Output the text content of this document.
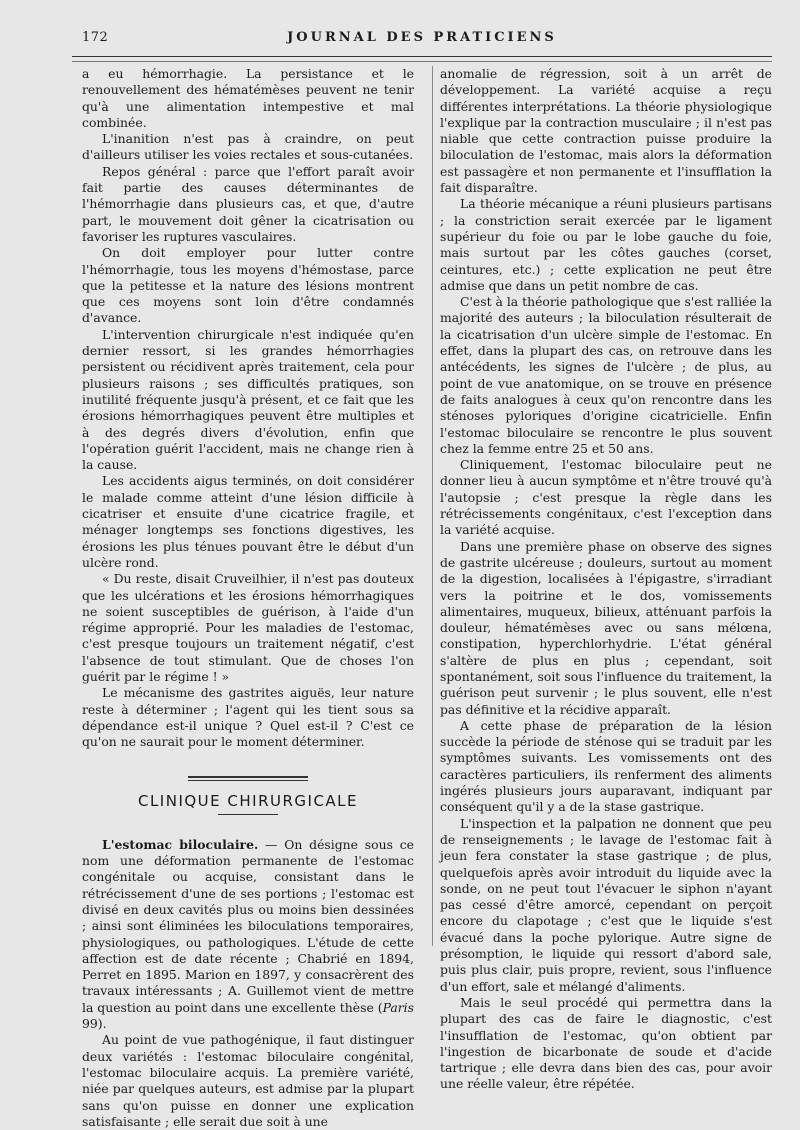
172	JOURNAL DES PRATICIENS

a eu hémorrhagie. La persistance et le renouvellement des hématémèses peuvent ne tenir qu'à une alimentation intempestive et mal combinée.

L'inanition n'est pas à craindre, on peut d'ailleurs utiliser les voies rectales et sous-cutanées.

Repos général : parce que l'effort paraît avoir fait partie des causes déterminantes de l'hémorrhagie dans plusieurs cas, et que, d'autre part, le mouvement doit gêner la cicatrisation ou favoriser les ruptures vasculaires.

On doit employer pour lutter contre l'hémorrhagie, tous les moyens d'hémostase, parce que la petitesse et la nature des lésions montrent que ces moyens sont loin d'être condamnés d'avance.

L'intervention chirurgicale n'est indiquée qu'en dernier ressort, si les grandes hémorrhagies persistent ou récidivent après traitement, cela pour plusieurs raisons ; ses difficultés pratiques, son inutilité fréquente jusqu'à présent, et ce fait que les érosions hémorrhagiques peuvent être multiples et à des degrés divers d'évolution, enfin que l'opération guérit l'accident, mais ne change rien à la cause.

Les accidents aigus terminés, on doit considérer le malade comme atteint d'une lésion difficile à cicatriser et ensuite d'une cicatrice fragile, et ménager longtemps ses fonctions digestives, les érosions les plus ténues pouvant être le début d'un ulcère rond.

« Du reste, disait Cruveilhier, il n'est pas douteux que les ulcérations et les érosions hémorrhagiques ne soient susceptibles de guérison, à l'aide d'un régime approprié. Pour les maladies de l'estomac, c'est presque toujours un traitement négatif, c'est l'absence de tout stimulant. Que de choses l'on guérit par le régime ! »

Le mécanisme des gastrites aiguës, leur nature reste à déterminer ; l'agent qui les tient sous sa dépendance est-il unique ? Quel est-il ? C'est ce qu'on ne saurait pour le moment déterminer.

CLINIQUE CHIRURGICALE

L'estomac biloculaire. — On désigne sous ce nom une déformation permanente de l'estomac congénitale ou acquise, consistant dans le rétrécissement d'une de ses portions ; l'estomac est divisé en deux cavités plus ou moins bien dessinées ; ainsi sont éliminées les biloculations temporaires, physiologiques, ou pathologiques. L'étude de cette affection est de date récente ; Chabrié en 1894, Perret en 1895. Marion en 1897, y consacrèrent des travaux intéressants ; A. Guillemot vient de mettre la question au point dans une excellente thèse (Paris 99).

Au point de vue pathogénique, il faut distinguer deux variétés : l'estomac biloculaire congénital, l'estomac biloculaire acquis. La première variété, niée par quelques auteurs, est admise par la plupart sans qu'on puisse en donner une explication satisfaisante ; elle serait due soit à une

anomalie de régression, soit à un arrêt de développement. La variété acquise a reçu différentes interprétations. La théorie physiologique l'explique par la contraction musculaire ; il n'est pas niable que cette contraction puisse produire la biloculation de l'estomac, mais alors la déformation est passagère et non permanente et l'insufflation la fait disparaître.

La théorie mécanique a réuni plusieurs partisans ; la constriction serait exercée par le ligament supérieur du foie ou par le lobe gauche du foie, mais surtout par les côtes gauches (corset, ceintures, etc.) ; cette explication ne peut être admise que dans un petit nombre de cas.

C'est à la théorie pathologique que s'est ralliée la majorité des auteurs ; la biloculation résulterait de la cicatrisation d'un ulcère simple de l'estomac. En effet, dans la plupart des cas, on retrouve dans les antécédents, les signes de l'ulcère ; de plus, au point de vue anatomique, on se trouve en présence de faits analogues à ceux qu'on rencontre dans les sténoses pyloriques d'origine cicatricielle. Enfin l'estomac biloculaire se rencontre le plus souvent chez la femme entre 25 et 50 ans.

Cliniquement, l'estomac biloculaire peut ne donner lieu à aucun symptôme et n'être trouvé qu'à l'autopsie ; c'est presque la règle dans les rétrécissements congénitaux, c'est l'exception dans la variété acquise.

Dans une première phase on observe des signes de gastrite ulcéreuse ; douleurs, surtout au moment de la digestion, localisées à l'épigastre, s'irradiant vers la poitrine et le dos, vomissements alimentaires, muqueux, bilieux, atténuant parfois la douleur, hématémèses avec ou sans mélœna, constipation, hyperchlorhydrie. L'état général s'altère de plus en plus ; cependant, soit spontanément, soit sous l'influence du traitement, la guérison peut survenir ; le plus souvent, elle n'est pas définitive et la récidive apparaît.

A cette phase de préparation de la lésion succède la période de sténose qui se traduit par les symptômes suivants. Les vomissements ont des caractères particuliers, ils renferment des aliments ingérés plusieurs jours auparavant, indiquant par conséquent qu'il y a de la stase gastrique.

L'inspection et la palpation ne donnent que peu de renseignements ; le lavage de l'estomac fait à jeun fera constater la stase gastrique ; de plus, quelquefois après avoir introduit du liquide avec la sonde, on ne peut tout l'évacuer le siphon n'ayant pas cessé d'être amorcé, cependant on perçoit encore du clapotage ; c'est que le liquide s'est évacué dans la poche pylorique. Autre signe de présomption, le liquide qui ressort d'abord sale, puis plus clair, puis propre, revient, sous l'influence d'un effort, sale et mélangé d'aliments.

Mais le seul procédé qui permettra dans la plupart des cas de faire le diagnostic, c'est l'insufflation de l'estomac, qu'on obtient par l'ingestion de bicarbonate de soude et d'acide tartrique ; elle devra dans bien des cas, pour avoir une réelle valeur, être répétée.
